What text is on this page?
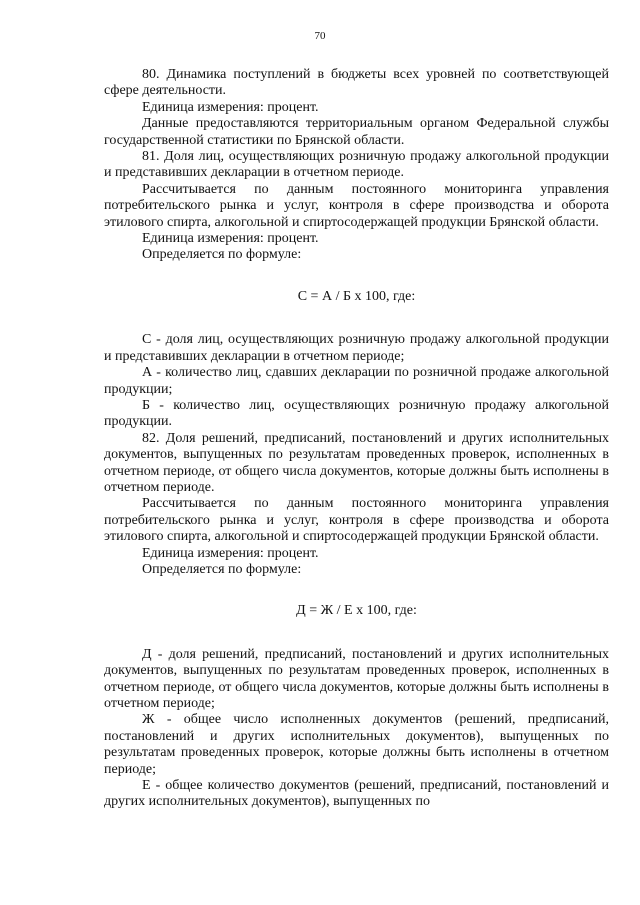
70

80. Динамика поступлений в бюджеты всех уровней по соответствующей сфере деятельности.

Единица измерения: процент.

Данные предоставляются территориальным органом Федеральной службы государственной статистики по Брянской области.

81. Доля лиц, осуществляющих розничную продажу алкогольной продукции и представивших декларации в отчетном периоде.

Рассчитывается по данным постоянного мониторинга управления потребительского рынка и услуг, контроля в сфере производства и оборота этилового спирта, алкогольной и спиртосодержащей продукции Брянской области.

Единица измерения: процент.

Определяется по формуле:

С = А / Б х 100, где:

С - доля лиц, осуществляющих розничную продажу алкогольной продукции и представивших декларации в отчетном периоде;

А - количество лиц, сдавших декларации по розничной продаже алкогольной продукции;

Б - количество лиц, осуществляющих розничную продажу алкогольной продукции.

82. Доля решений, предписаний, постановлений и других исполнительных документов, выпущенных по результатам проведенных проверок, исполненных в отчетном периоде, от общего числа документов, которые должны быть исполнены в отчетном периоде.

Рассчитывается по данным постоянного мониторинга управления потребительского рынка и услуг, контроля в сфере производства и оборота этилового спирта, алкогольной и спиртосодержащей продукции Брянской области.

Единица измерения: процент.

Определяется по формуле:

Д = Ж / Е х 100, где:

Д - доля решений, предписаний, постановлений и других исполнительных документов, выпущенных по результатам проведенных проверок, исполненных в отчетном периоде, от общего числа документов, которые должны быть исполнены в отчетном периоде;

Ж - общее число исполненных документов (решений, предписаний, постановлений и других исполнительных документов), выпущенных по результатам проведенных проверок, которые должны быть исполнены в отчетном периоде;

Е - общее количество документов (решений, предписаний, постановлений и других исполнительных документов), выпущенных по
